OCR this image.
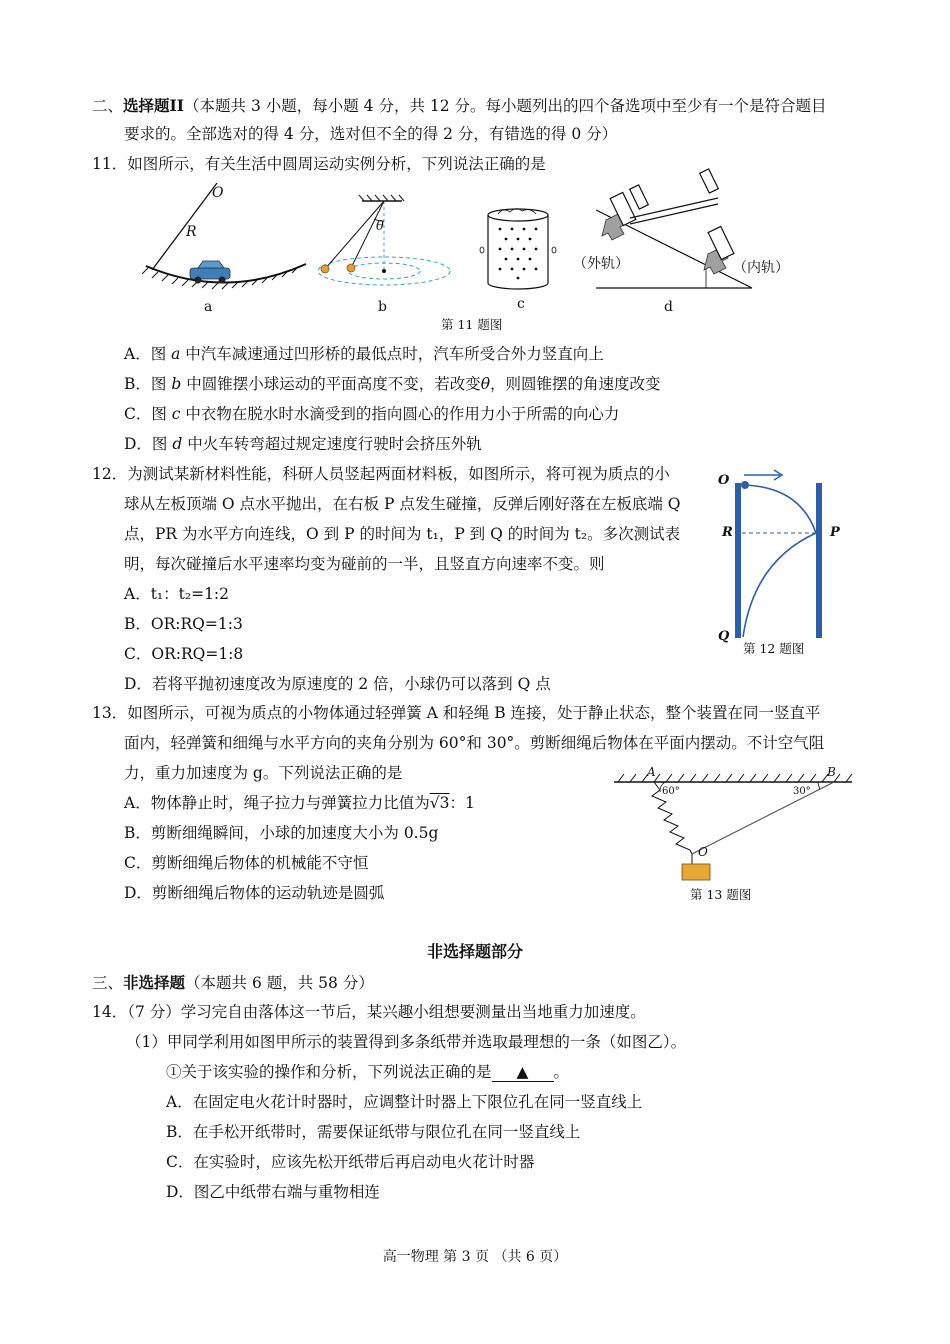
二、选择题II（本题共 3 小题，每小题 4 分，共 12 分。每小题列出的四个备选项中至少有一个是符合题目
要求的。全部选对的得 4 分，选对但不全的得 2 分，有错选的得 0 分）
11．如图所示，有关生活中圆周运动实例分析，下列说法正确的是
O
R
a
θ
b	c
（外轨）	（内轨）
d
第 11 题图
A．图 a 中汽车减速通过凹形桥的最低点时，汽车所受合外力竖直向上
B．图 b 中圆锥摆小球运动的平面高度不变，若改变θ，则圆锥摆的角速度改变
C．图 c 中衣物在脱水时水滴受到的指向圆心的作用力小于所需的向心力
D．图 d 中火车转弯超过规定速度行驶时会挤压外轨
12．为测试某新材料性能，科研人员竖起两面材料板，如图所示，将可视为质点的小
球从左板顶端 O 点水平抛出，在右板 P 点发生碰撞，反弹后刚好落在左板底端 Q
点，PR 为水平方向连线，O 到 P 的时间为 t₁，P 到 Q 的时间为 t₂。多次测试表
明，每次碰撞后水平速率均变为碰前的一半，且竖直方向速率不变。则
A．t₁：t₂=1:2
B．OR:RQ=1:3
C．OR:RQ=1:8
D．若将平抛初速度改为原速度的 2 倍，小球仍可以落到 Q 点
O
R	P
Q
第 12 题图
13．如图所示，可视为质点的小物体通过轻弹簧 A 和轻绳 B 连接，处于静止状态，整个装置在同一竖直平
面内，轻弹簧和细绳与水平方向的夹角分别为 60°和 30°。剪断细绳后物体在平面内摆动。不计空气阻
力，重力加速度为 g。下列说法正确的是
A．物体静止时，绳子拉力与弹簧拉力比值为√3：1
B．剪断细绳瞬间，小球的加速度大小为 0.5g
C．剪断细绳后物体的机械能不守恒
D．剪断细绳后物体的运动轨迹是圆弧
A	B
60°	30°
O
第 13 题图
非选择题部分
三、非选择题（本题共 6 题，共 58 分）
14．（7 分）学习完自由落体这一节后，某兴趣小组想要测量出当地重力加速度。
（1）甲同学利用如图甲所示的装置得到多条纸带并选取最理想的一条（如图乙）。
①关于该实验的操作和分析，下列说法正确的是 ▲ 。
A．在固定电火花计时器时，应调整计时器上下限位孔在同一竖直线上
B．在手松开纸带时，需要保证纸带与限位孔在同一竖直线上
C．在实验时，应该先松开纸带后再启动电火花计时器
D．图乙中纸带右端与重物相连
高一物理 第 3 页 （共 6 页）
